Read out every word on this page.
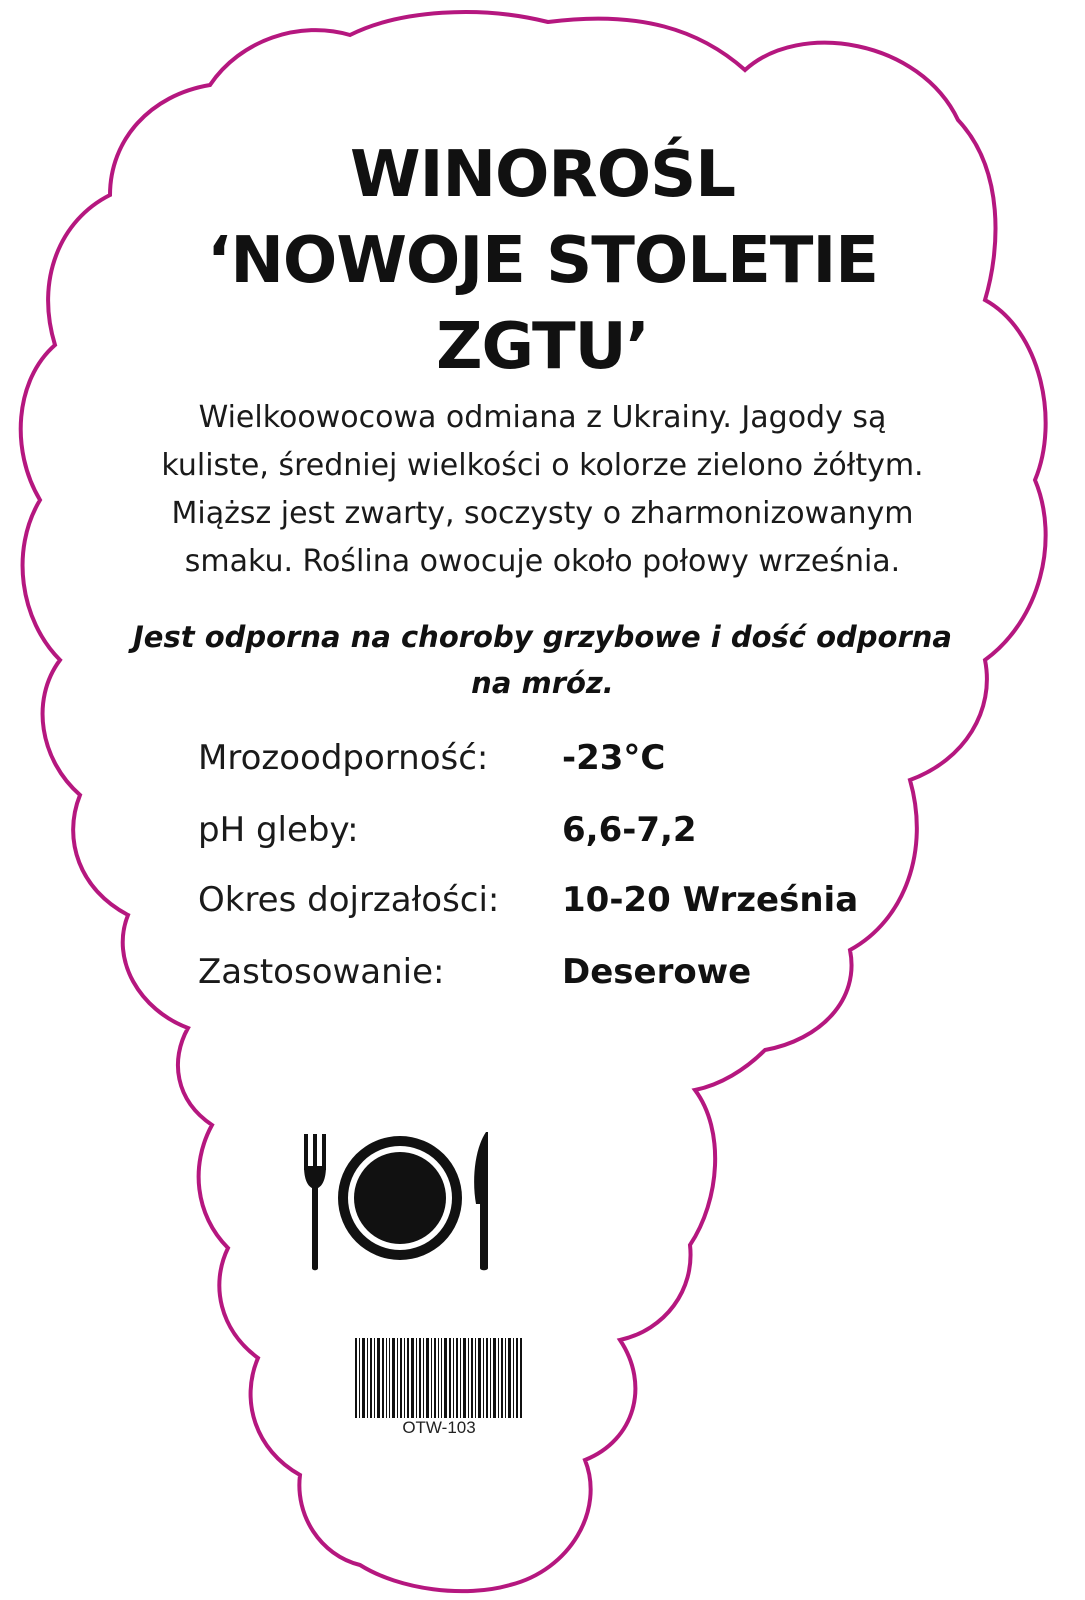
WINOROŚL
‘NOWOJE STOLETIE
ZGTU’
Wielkoowocowa odmiana z Ukrainy. Jagody są
kuliste, średniej wielkości o kolorze zielono żółtym.
Miąższ jest zwarty, soczysty o zharmonizowanym
smaku. Roślina owocuje około połowy września.
Jest odporna na choroby grzybowe i dość odporna
na mróz.
Mrozoodporność: -23°C
pH gleby:	6,6-7,2
Okres dojrzałości: 10-20 Września
Zastosowanie:	Deserowe
OTW-103
